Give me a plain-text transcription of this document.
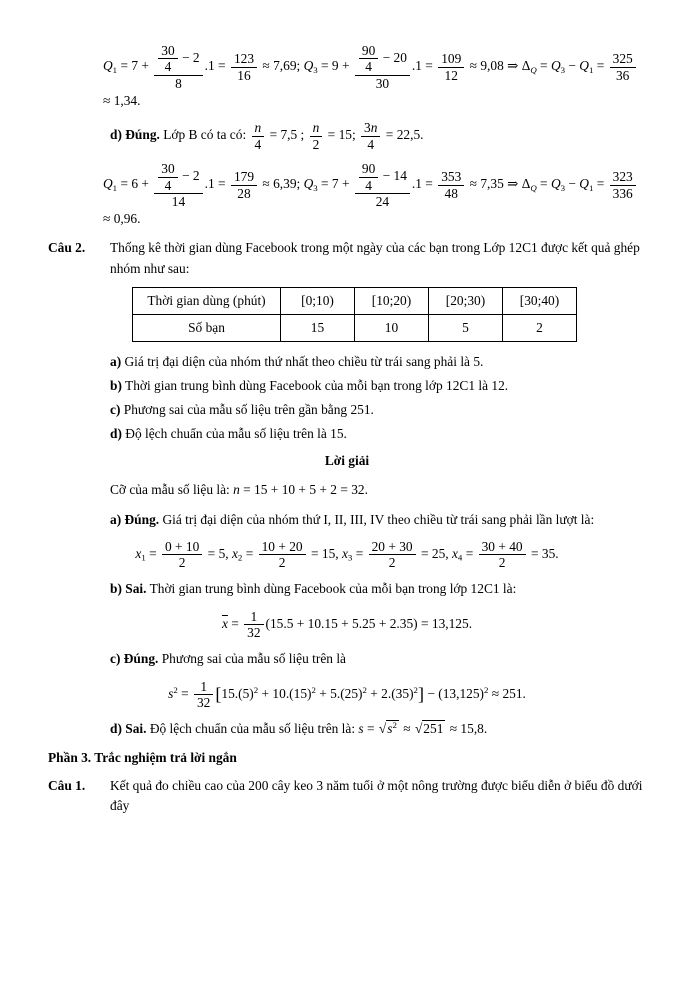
$Q_1 = 7 + \frac{\frac{30}{4} - 2}{8} .1 = \frac{123}{16} \approx 7,69$; $Q_3 = 9 + \frac{\frac{90}{4} - 20}{30} .1 = \frac{109}{12} \approx 9,08$ ⇒ $\Delta_Q = Q_3 - Q_1 = \frac{325}{36}$
≈ 1,34.
d) Đúng. Lớp B có ta có: $\frac{n}{4} = 7,5$ ; $\frac{n}{2} = 15$; $\frac{3n}{4} = 22,5$.
$Q_1 = 6 + \frac{\frac{30}{4} - 2}{14} .1 = \frac{179}{28} \approx 6,39$; $Q_3 = 7 + \frac{\frac{90}{4} - 14}{24} .1 = \frac{353}{48} \approx 7,35$ ⇒ $\Delta_Q = Q_3 - Q_1 = \frac{323}{336}$
≈ 0,96.
Câu 2.	Thống kê thời gian dùng Facebook trong một ngày của các bạn trong Lớp 12C1 được kết quả ghép nhóm như sau:
Thời gian dùng (phút)	[0;10)	[10;20)	[20;30)	[30;40)
Số bạn	15	10	5	2

a) Giá trị đại diện của nhóm thứ nhất theo chiều từ trái sang phải là 5.

b) Thời gian trung bình dùng Facebook của mỗi bạn trong lớp 12C1 là 12.

c) Phương sai của mẫu số liệu trên gần bằng 251.

d) Độ lệch chuẩn của mẫu số liệu trên là 15.

Lời giải

Cỡ của mẫu số liệu là: n = 15 + 10 + 5 + 2 = 32.

a) Đúng. Giá trị đại diện của nhóm thứ I, II, III, IV theo chiều từ trái sang phải lần lượt là:

$x_1 = \frac{0 + 10}{2} = 5$, $x_2 = \frac{10 + 20}{2} = 15$, $x_3 = \frac{20 + 30}{2} = 25$, $x_4 = \frac{30 + 40}{2} = 35$.

b) Sai. Thời gian trung bình dùng Facebook của mỗi bạn trong lớp 12C1 là:

$\overline{x} = \frac{1}{32} (15.5 + 10.15 + 5.25 + 2.35) = 13,125$.

c) Đúng. Phương sai của mẫu số liệu trên là

$s^2 = \frac{1}{32} [15.(5)^2 + 10.(15)^2 + 5.(25)^2 + 2.(35)^2] - (13,125)^2 \approx 251$.
d) Sai. Độ lệch chuẩn của mẫu số liệu trên là: $s = √s^2 \approx √251 \approx 15,8$.

Phần 3. Trắc nghiệm trả lời ngắn

Câu 1.	Kết quả đo chiều cao của 200 cây keo 3 năm tuổi ở một nông trường được biểu diễn ở biểu đồ dưới đây
